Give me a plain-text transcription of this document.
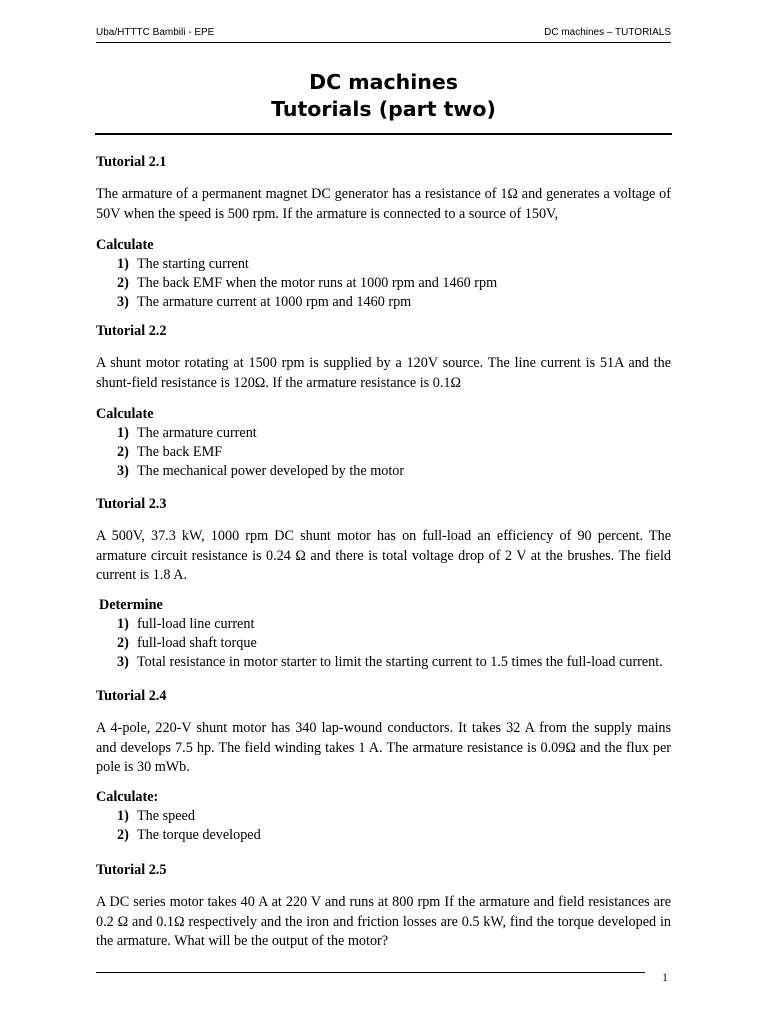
Uba/HTTTC Bambili - EPE	DC machines – TUTORIALS
DC machines
Tutorials (part two)
Tutorial 2.1
The armature of a permanent magnet DC generator has a resistance of 1Ω and generates a voltage of
50V when the speed is 500 rpm. If the armature is connected to a source of 150V,
Calculate
1) The starting current
2) The back EMF when the motor runs at 1000 rpm and 1460 rpm
3) The armature current at 1000 rpm and 1460 rpm
Tutorial 2.2
A shunt motor rotating at 1500 rpm is supplied by a 120V source. The line current is 51A and the
shunt-field resistance is 120Ω. If the armature resistance is 0.1Ω
Calculate
1) The armature current
2) The back EMF
3) The mechanical power developed by the motor
Tutorial 2.3
A 500V, 37.3 kW, 1000 rpm DC shunt motor has on full-load an efficiency of 90 percent. The
armature circuit resistance is 0.24 Ω and there is total voltage drop of 2 V at the brushes. The field
current is 1.8 A.
Determine
1) full-load line current
2) full-load shaft torque
3) Total resistance in motor starter to limit the starting current to 1.5 times the full-load current.
Tutorial 2.4
A 4-pole, 220-V shunt motor has 340 lap-wound conductors. It takes 32 A from the supply mains
and develops 7.5 hp. The field winding takes 1 A. The armature resistance is 0.09Ω and the flux per
pole is 30 mWb.
Calculate:
1) The speed
2) The torque developed
Tutorial 2.5
A DC series motor takes 40 A at 220 V and runs at 800 rpm If the armature and field resistances are
0.2 Ω and 0.1Ω respectively and the iron and friction losses are 0.5 kW, find the torque developed in
the armature. What will be the output of the motor?
1
